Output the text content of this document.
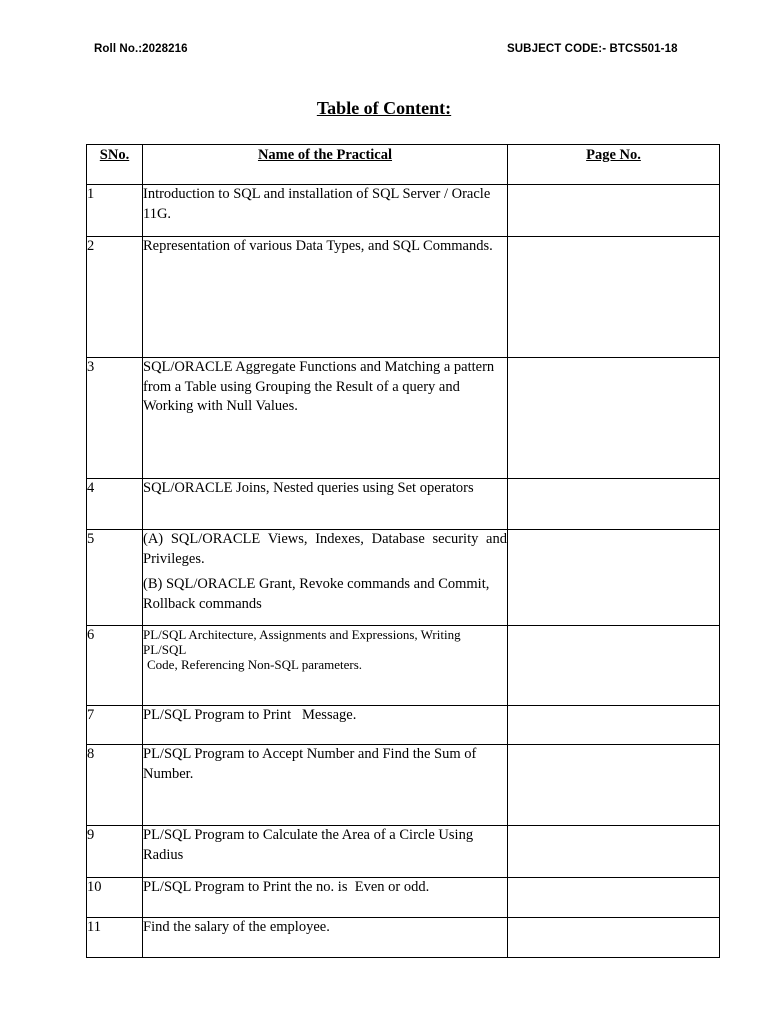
Roll No.:2028216	SUBJECT CODE:- BTCS501-18
Table of Content:
SNo.	Name of the Practical	Page No.
1	Introduction to SQL and installation of SQL Server / Oracle 11G.	
2	Representation of various Data Types, and SQL Commands.	
3	SQL/ORACLE Aggregate Functions and Matching a pattern from a Table using Grouping the Result of a query and Working with Null Values.	
4	SQL/ORACLE Joins, Nested queries using Set operators	
5	(A) SQL/ORACLE Views, Indexes, Database security and Privileges.
(B) SQL/ORACLE Grant, Revoke commands and Commit, Rollback commands	

6	PL/SQL Architecture, Assignments and Expressions, Writing PL/SQL
Code, Referencing Non-SQL parameters.	

7	PL/SQL Program to Print   Message.	
8	PL/SQL Program to Accept Number and Find the Sum of Number.	
9	PL/SQL Program to Calculate the Area of a Circle Using Radius	
10	PL/SQL Program to Print the no. is  Even or odd.	
11	Find the salary of the employee.	
